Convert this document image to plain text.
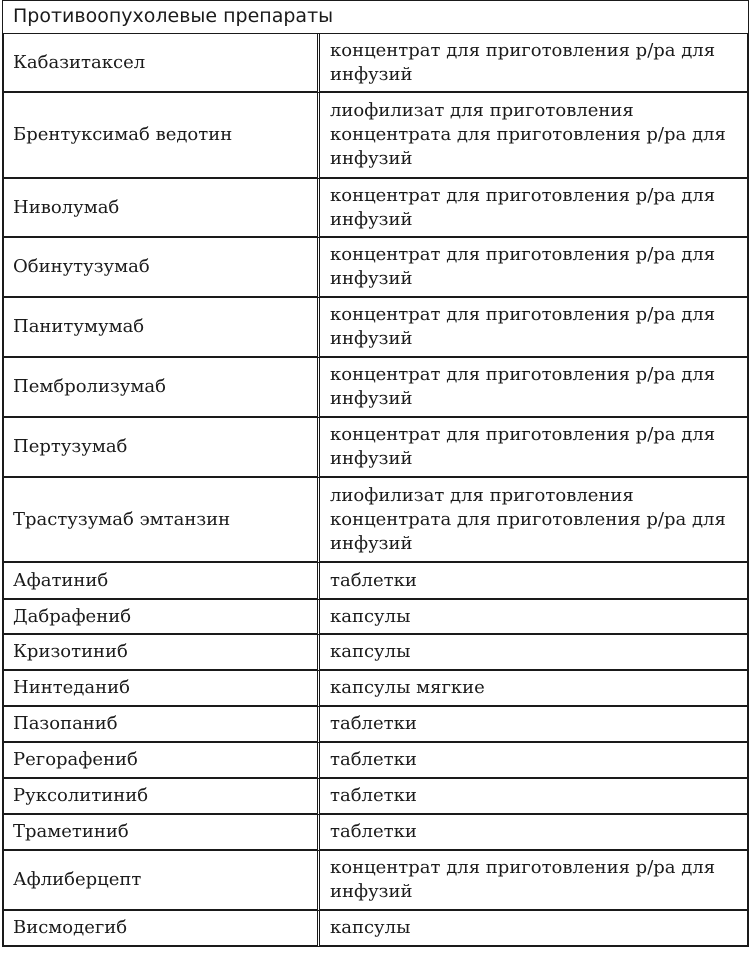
Противоопухолевые препараты
Кабазитаксел	концентрат для приготовления р/ра для инфузий
Брентуксимаб ведотин	лиофилизат для приготовления концентрата для приготовления р/ра для инфузий
Ниволумаб	концентрат для приготовления р/ра для инфузий
Обинутузумаб	концентрат для приготовления р/ра для инфузий
Панитумумаб	концентрат для приготовления р/ра для инфузий
Пембролизумаб	концентрат для приготовления р/ра для инфузий
Пертузумаб	концентрат для приготовления р/ра для инфузий
Трастузумаб эмтанзин	лиофилизат для приготовления концентрата для приготовления р/ра для инфузий
Афатиниб	таблетки
Дабрафениб	капсулы
Кризотиниб	капсулы
Нинтеданиб	капсулы мягкие
Пазопаниб	таблетки
Регорафениб	таблетки
Руксолитиниб	таблетки
Траметиниб	таблетки
Афлиберцепт	концентрат для приготовления р/ра для инфузий
Висмодегиб	капсулы
